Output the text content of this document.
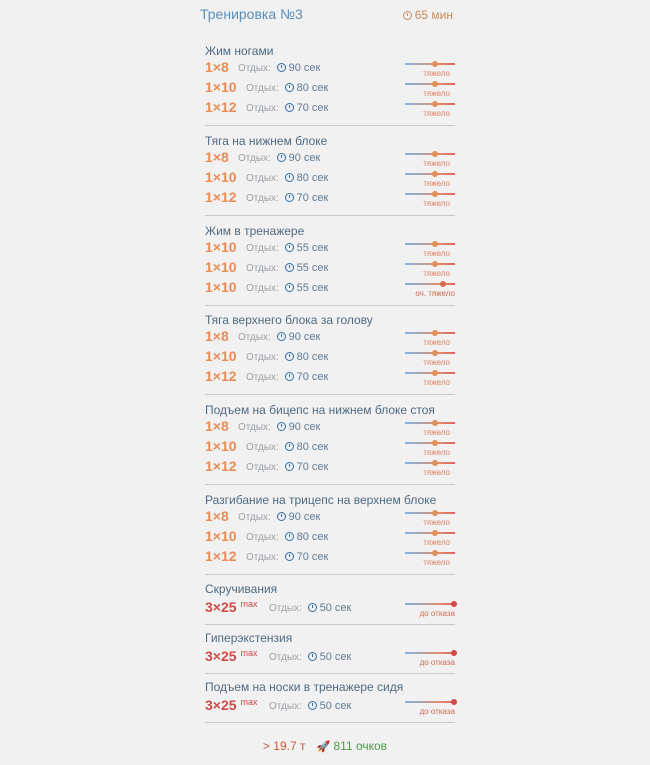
Тренировка №3	65 мин
Жим ногами
1×8 Отдых: 90 сек	тяжело
1×10 Отдых: 80 сек	тяжело
1×12 Отдых: 70 сек	тяжело
Тяга на нижнем блоке
1×8 Отдых: 90 сек	тяжело
1×10 Отдых: 80 сек	тяжело
1×12 Отдых: 70 сек	тяжело
Жим в тренажере
1×10 Отдых: 55 сек	тяжело
1×10 Отдых: 55 сек	тяжело
1×10 Отдых: 55 сек	оч. тяжело
Тяга верхнего блока за голову
1×8 Отдых: 90 сек	тяжело
1×10 Отдых: 80 сек	тяжело
1×12 Отдых: 70 сек	тяжело
Подъем на бицепс на нижнем блоке стоя
1×8 Отдых: 90 сек	тяжело
1×10 Отдых: 80 сек	тяжело
1×12 Отдых: 70 сек	тяжело
Разгибание на трицепс на верхнем блоке
1×8 Отдых: 90 сек	тяжело
1×10 Отдых: 80 сек	тяжело
1×12 Отдых: 70 сек	тяжело
Скручивания
3×25 $^{max}$ Отдых: 50 сек	до отказа
Гиперэкстензия
3×25 $^{max}$ Отдых: 50 сек	до отказа
Подъем на носки в тренажере сидя
3×25 $^{max}$ Отдых: 50 сек	до отказа
> 19.7 т 🚀 811 очков
